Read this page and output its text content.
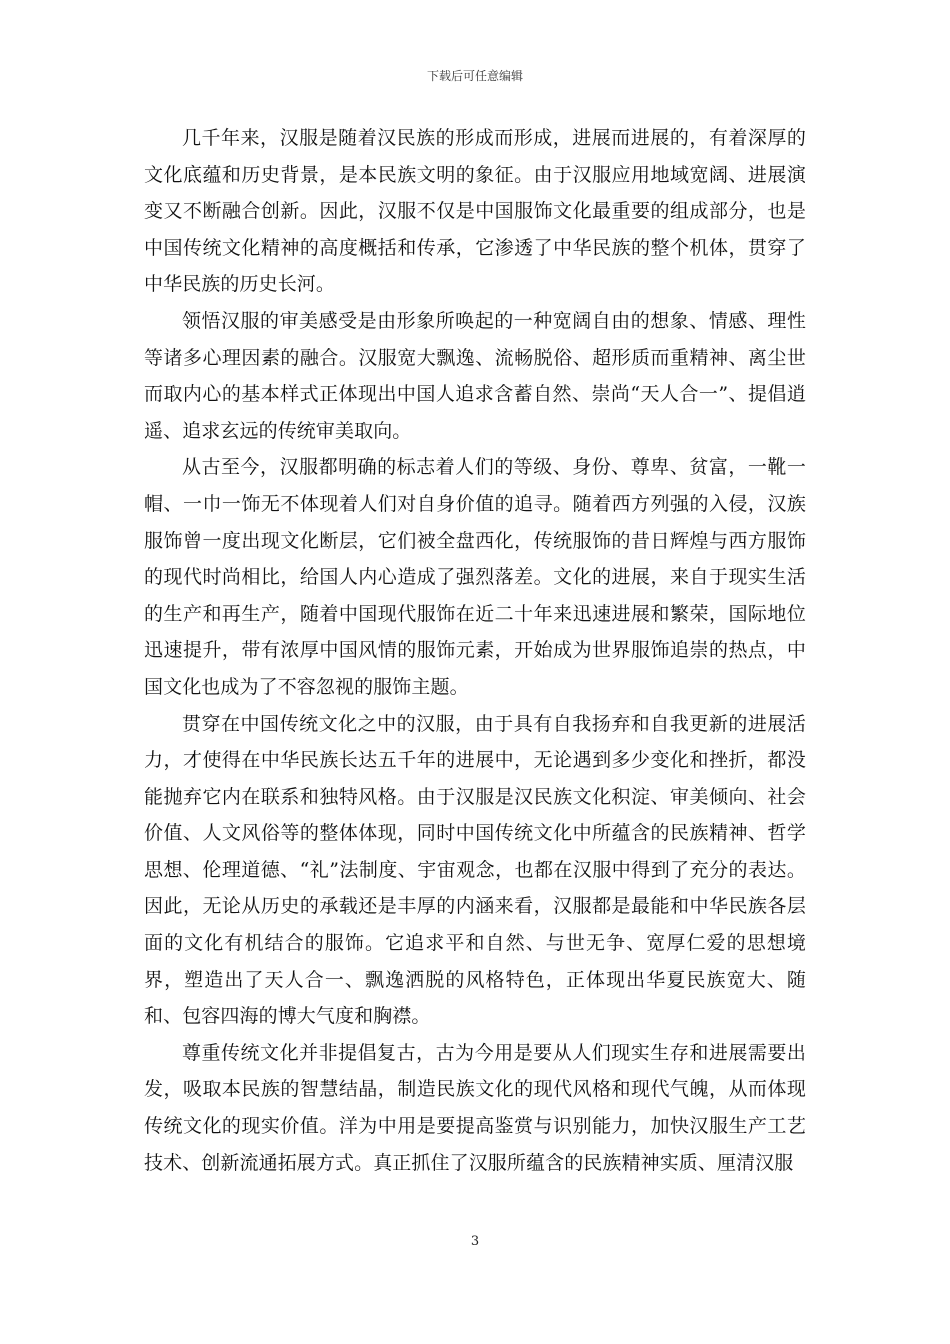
下载后可任意编辑

几千年来，汉服是随着汉民族的形成而形成，进展而进展的，有着深厚的文化底蕴和历史背景，是本民族文明的象征。由于汉服应用地域宽阔、进展演变又不断融合创新。因此，汉服不仅是中国服饰文化最重要的组成部分，也是中国传统文化精神的高度概括和传承，它渗透了中华民族的整个机体，贯穿了中华民族的历史长河。

领悟汉服的审美感受是由形象所唤起的一种宽阔自由的想象、情感、理性等诸多心理因素的融合。汉服宽大飘逸、流畅脱俗、超形质而重精神、离尘世而取内心的基本样式正体现出中国人追求含蓄自然、崇尚“天人合一”、提倡逍遥、追求玄远的传统审美取向。

从古至今，汉服都明确的标志着人们的等级、身份、尊卑、贫富，一靴一帽、一巾一饰无不体现着人们对自身价值的追寻。随着西方列强的入侵，汉族服饰曾一度出现文化断层，它们被全盘西化，传统服饰的昔日辉煌与西方服饰的现代时尚相比，给国人内心造成了强烈落差。文化的进展，来自于现实生活的生产和再生产，随着中国现代服饰在近二十年来迅速进展和繁荣，国际地位迅速提升，带有浓厚中国风情的服饰元素，开始成为世界服饰追崇的热点，中国文化也成为了不容忽视的服饰主题。

贯穿在中国传统文化之中的汉服，由于具有自我扬弃和自我更新的进展活力，才使得在中华民族长达五千年的进展中，无论遇到多少变化和挫折，都没能抛弃它内在联系和独特风格。由于汉服是汉民族文化积淀、审美倾向、社会价值、人文风俗等的整体体现，同时中国传统文化中所蕴含的民族精神、哲学思想、伦理道德、“礼”法制度、宇宙观念，也都在汉服中得到了充分的表达。因此，无论从历史的承载还是丰厚的内涵来看，汉服都是最能和中华民族各层面的文化有机结合的服饰。它追求平和自然、与世无争、宽厚仁爱的思想境界，塑造出了天人合一、飘逸洒脱的风格特色，正体现出华夏民族宽大、随和、包容四海的博大气度和胸襟。

尊重传统文化并非提倡复古，古为今用是要从人们现实生存和进展需要出发，吸取本民族的智慧结晶，制造民族文化的现代风格和现代气魄，从而体现传统文化的现实价值。洋为中用是要提高鉴赏与识别能力，加快汉服生产工艺技术、创新流通拓展方式。真正抓住了汉服所蕴含的民族精神实质、厘清汉服

3
